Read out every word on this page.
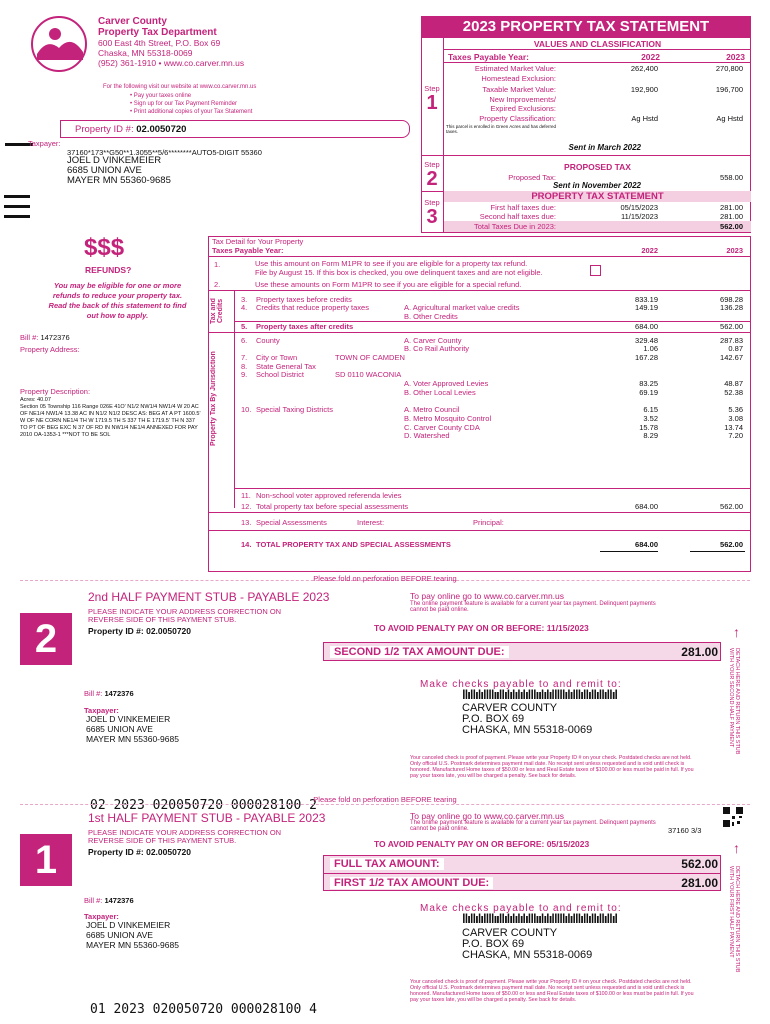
Carver County
Property Tax Department
600 East 4th Street, P.O. Box 69
Chaska, MN 55318-0069
(952) 361-1910 • www.co.carver.mn.us
For the following visit our website at www.co.carver.mn.us
• Pay your taxes online
• Sign up for our Tax Payment Reminder
• Print additional copies of your Tax Statement
Property ID #: 02.0050720
Taxpayer:
37160*173**G50**1.3055**5/6********AUTO5-DIGIT 55360
JOEL D VINKEMEIER
6685 UNION AVE
MAYER MN 55360-9685
2023 PROPERTY TAX STATEMENT
VALUES AND CLASSIFICATION
Taxes Payable Year:	2022	2023
Step
1
Estimated Market Value:	262,400	270,800
Homestead Exclusion:
Taxable Market Value:	192,900	196,700
New Improvements/
Expired Exclusions:
Property Classification:	Ag Hstd	Ag Hstd
This parcel is enrolled in Green Acres and has deferred taxes.
Sent in March 2022
Step
2
PROPOSED TAX
Proposed Tax:	558.00
Sent in November 2022
PROPERTY TAX STATEMENT
Step
3	First half taxes due:	05/15/2023	281.00
Second half taxes due:	11/15/2023	281.00
Total Taxes Due in 2023:	562.00
$$$
REFUNDS?
You may be eligible for one or more refunds to reduce your property tax. Read the back of this statement to find out how to apply.
Bill #: 1472376
Property Address:
Property Description:
Acres: 40.07
Section 05 Township 116 Range 026E 41O' N1/2 NW1/4 NW1/4 W 20 AC OF NE1/4 NW1/4 13.38 AC IN N1/2 N1/2 DESC AS: BEG AT A PT 1600.5' W OF NE CORN NE1/4 TH W 1719.5 TH S 337 TH E 1719.5' TH N 337 TO PT OF BEG EXC N 37 OF RD IN NW1/4 NE1/4 ANNEXED FOR PAY 2010 OA-1353-1 ***NOT TO BE SOL
Tax Detail for Your Property
Taxes Payable Year:	2022	2023
1.	Use this amount on Form M1PR to see if you are eligible for a property tax refund.
File by August 15. If this box is checked, you owe delinquent taxes and are not eligible.
2.	Use these amounts on Form M1PR to see if you are eligible for a special refund.
Tax and Credits
Property Tax By Jurisdiction
3. Property taxes before credits	833.19	698.28
4. Credits that reduce property taxes	A. Agricultural market value credits	149.19	136.28
B. Other Credits
5. Property taxes after credits	684.00	562.00
6. County	A. Carver County	329.48	287.83
B. Co Rail Authority	1.06	0.87
7. City or Town	TOWN OF CAMDEN	167.28	142.67
8. State General Tax
9. School District	SD 0110 WACONIA
A. Voter Approved Levies	83.25	48.87
B. Other Local Levies	69.19	52.38
10. Special Taxing Districts	A. Metro Council	6.15	5.36
B. Metro Mosquito Control	3.52	3.08
C. Carver County CDA	15.78	13.74
D. Watershed	8.29	7.20
11. Non-school voter approved referenda levies
12. Total property tax before special assessments	684.00	562.00
13. Special Assessments	Interest:	Principal:
14. TOTAL PROPERTY TAX AND SPECIAL ASSESSMENTS	684.00	562.00
Please fold on perforation BEFORE tearing
2
2nd HALF PAYMENT STUB - PAYABLE 2023
PLEASE INDICATE YOUR ADDRESS CORRECTION ON REVERSE SIDE OF THIS PAYMENT STUB.
Property ID #: 02.0050720
To pay online go to www.co.carver.mn.us
The online payment feature is available for a current year tax payment. Delinquent payments cannot be paid online.
TO AVOID PENALTY PAY ON OR BEFORE: 11/15/2023
SECOND 1/2 TAX AMOUNT DUE:	281.00
↑
DETACH HERE AND RETURN THIS STUB WITH YOUR SECOND HALF PAYMENT
Bill #: 1472376
Taxpayer:
JOEL D VINKEMEIER
6685 UNION AVE
MAYER MN 55360-9685
Make checks payable to and remit to:
ǀǀıǀǀıǀıǀǀǀǀııǀǀıǀıǀıǀıǀıǀǀǀııǀıǀıǀǀǀǀǀıǀıǀǀǀıǀǀıǀǀıǀǀıǀǀıǀ
CARVER COUNTY
P.O. BOX 69
CHASKA, MN 55318-0069
Your canceled check is proof of payment. Please write your Property ID # on your check. Postdated checks are not held. Only official U.S. Postmark determines payment mail date. No receipt sent unless requested and is void until check is honored. Manufactured Home taxes of $50.00 or less and Real Estate taxes of $100.00 or less must be paid in full. If you pay your taxes late, you will be charged a penalty. See back for details.
02 2023 020050720 000028100 2
Please fold on perforation BEFORE tearing
1
1st HALF PAYMENT STUB - PAYABLE 2023
PLEASE INDICATE YOUR ADDRESS CORRECTION ON REVERSE SIDE OF THIS PAYMENT STUB.
Property ID #: 02.0050720
To pay online go to www.co.carver.mn.us
The online payment feature is available for a current year tax payment. Delinquent payments cannot be paid online.	37160 3/3
TO AVOID PENALTY PAY ON OR BEFORE: 05/15/2023
FULL TAX AMOUNT:	562.00
FIRST 1/2 TAX AMOUNT DUE:	281.00
↑
DETACH HERE AND RETURN THIS STUB WITH YOUR FIRST HALF PAYMENT
Bill #: 1472376
Taxpayer:
JOEL D VINKEMEIER
6685 UNION AVE
MAYER MN 55360-9685
Make checks payable to and remit to:
ǀǀıǀǀıǀıǀǀǀǀııǀǀıǀıǀıǀıǀıǀǀǀııǀıǀıǀǀǀǀǀıǀıǀǀǀıǀǀıǀǀıǀǀıǀǀıǀ
CARVER COUNTY
P.O. BOX 69
CHASKA, MN 55318-0069
Your canceled check is proof of payment. Please write your Property ID # on your check. Postdated checks are not held. Only official U.S. Postmark determines payment mail date. No receipt sent unless requested and is void until check is honored. Manufactured Home taxes of $50.00 or less and Real Estate taxes of $100.00 or less must be paid in full. If you pay your taxes late, you will be charged a penalty. See back for details.
01 2023 020050720 000028100 4
